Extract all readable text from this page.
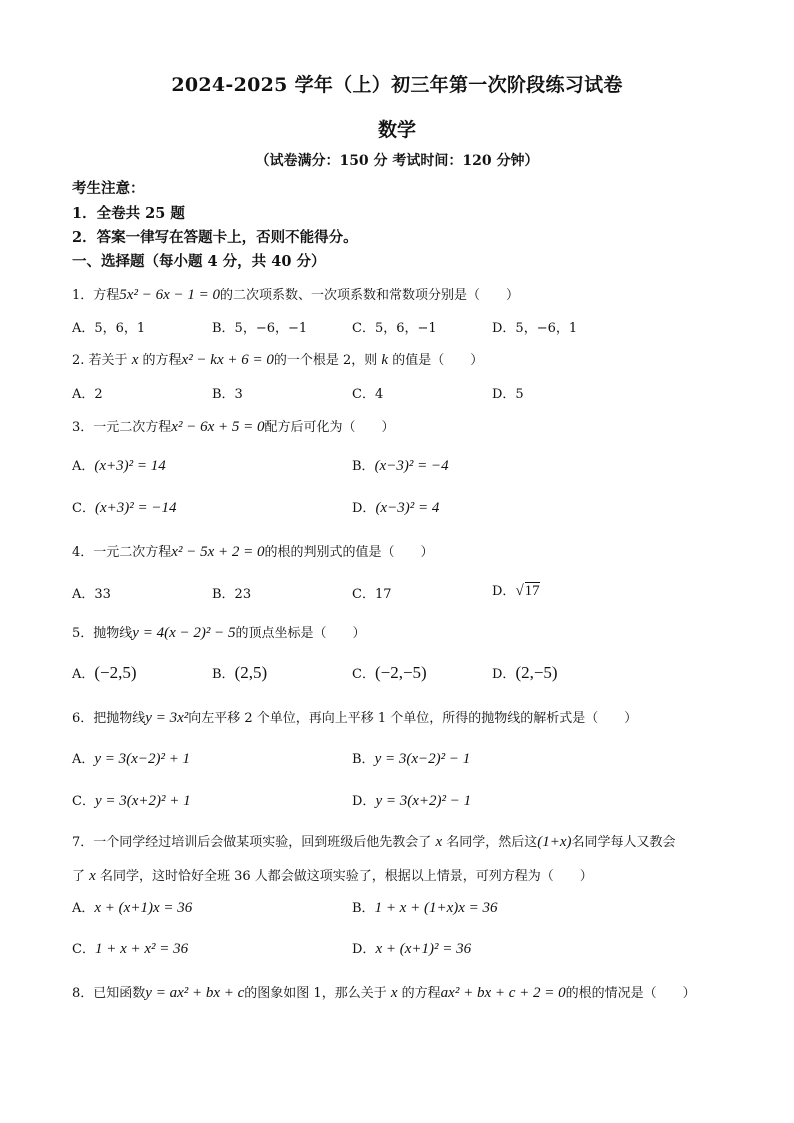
2024-2025 学年（上）初三年第一次阶段练习试卷
数学
（试卷满分：150 分 考试时间：120 分钟）
考生注意：
1．全卷共 25 题
2．答案一律写在答题卡上，否则不能得分。
一、选择题（每小题 4 分，共 40 分）
1．方程5x² − 6x − 1 = 0的二次项系数、一次项系数和常数项分别是（　　）
A．5，6，1	B．5，−6，−1	C．5，6，−1	D．5，−6，1
2. 若关于 x 的方程x² − kx + 6 = 0的一个根是 2，则 k 的值是（　　）
A．2	B．3	C．4	D．5
3．一元二次方程x² − 6x + 5 = 0配方后可化为（　　）
A．(x+3)² = 14	B．(x−3)² = −4
C．(x+3)² = −14	D．(x−3)² = 4
4．一元二次方程x² − 5x + 2 = 0的根的判别式的值是（　　）
A．33	B．23	C．17	D．√17
5．抛物线y = 4(x − 2)² − 5的顶点坐标是（　　）
A．(−2,5)	B．(2,5)	C．(−2,−5)	D．(2,−5)
6．把抛物线y = 3x²向左平移 2 个单位，再向上平移 1 个单位，所得的抛物线的解析式是（　　）
A．y = 3(x−2)² + 1	B．y = 3(x−2)² − 1
C．y = 3(x+2)² + 1	D．y = 3(x+2)² − 1
7．一个同学经过培训后会做某项实验，回到班级后他先教会了 x 名同学，然后这(1+x)名同学每人又教会
了 x 名同学，这时恰好全班 36 人都会做这项实验了，根据以上情景，可列方程为（　　）
A．x + (x+1)x = 36	B．1 + x + (1+x)x = 36
C．1 + x + x² = 36	D．x + (x+1)² = 36
8．已知函数y = ax² + bx + c的图象如图 1，那么关于 x 的方程ax² + bx + c + 2 = 0的根的情况是（　　）
